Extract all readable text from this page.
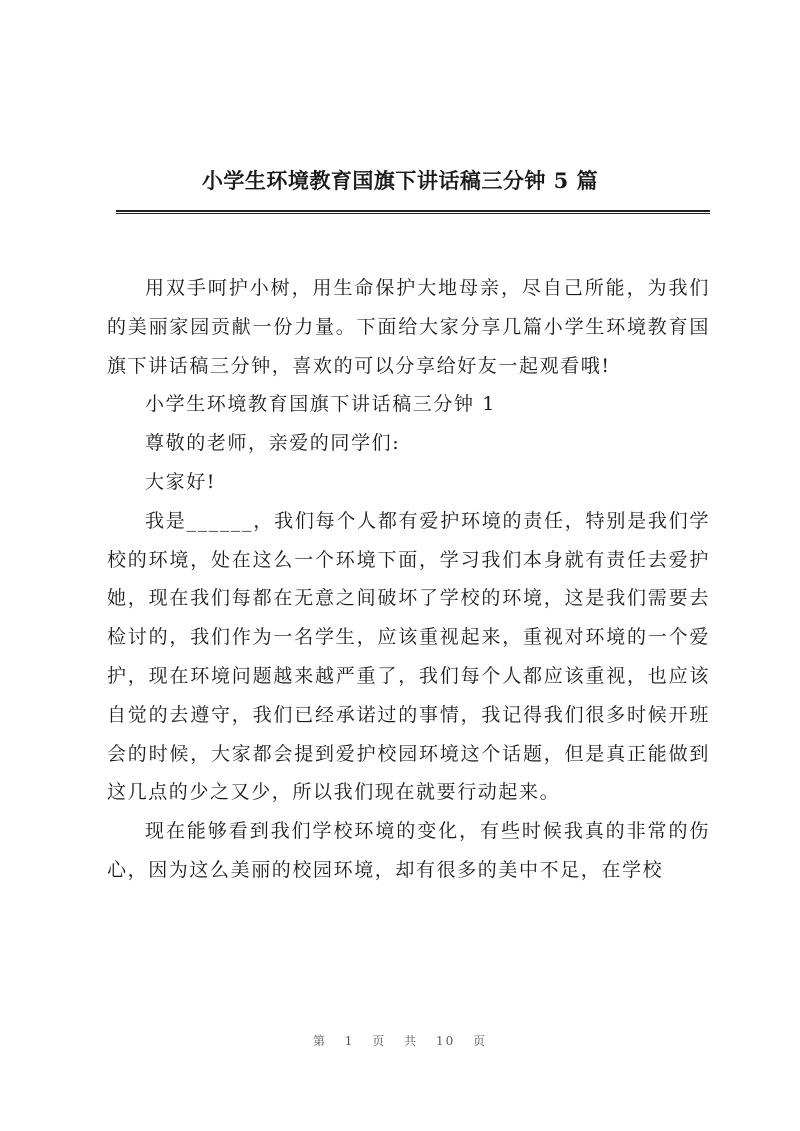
小学生环境教育国旗下讲话稿三分钟 5 篇

用双手呵护小树，用生命保护大地母亲，尽自己所能，为我们的美丽家园贡献一份力量。下面给大家分享几篇小学生环境教育国旗下讲话稿三分钟，喜欢的可以分享给好友一起观看哦!

小学生环境教育国旗下讲话稿三分钟 1

尊敬的老师，亲爱的同学们:

大家好!

我是______，我们每个人都有爱护环境的责任，特别是我们学校的环境，处在这么一个环境下面，学习我们本身就有责任去爱护她，现在我们每都在无意之间破坏了学校的环境，这是我们需要去检讨的，我们作为一名学生，应该重视起来，重视对环境的一个爱护，现在环境问题越来越严重了，我们每个人都应该重视，也应该自觉的去遵守，我们已经承诺过的事情，我记得我们很多时候开班会的时候，大家都会提到爱护校园环境这个话题，但是真正能做到这几点的少之又少，所以我们现在就要行动起来。

现在能够看到我们学校环境的变化，有些时候我真的非常的伤心，因为这么美丽的校园环境，却有很多的美中不足，在学校

第 1 页 共 10 页
